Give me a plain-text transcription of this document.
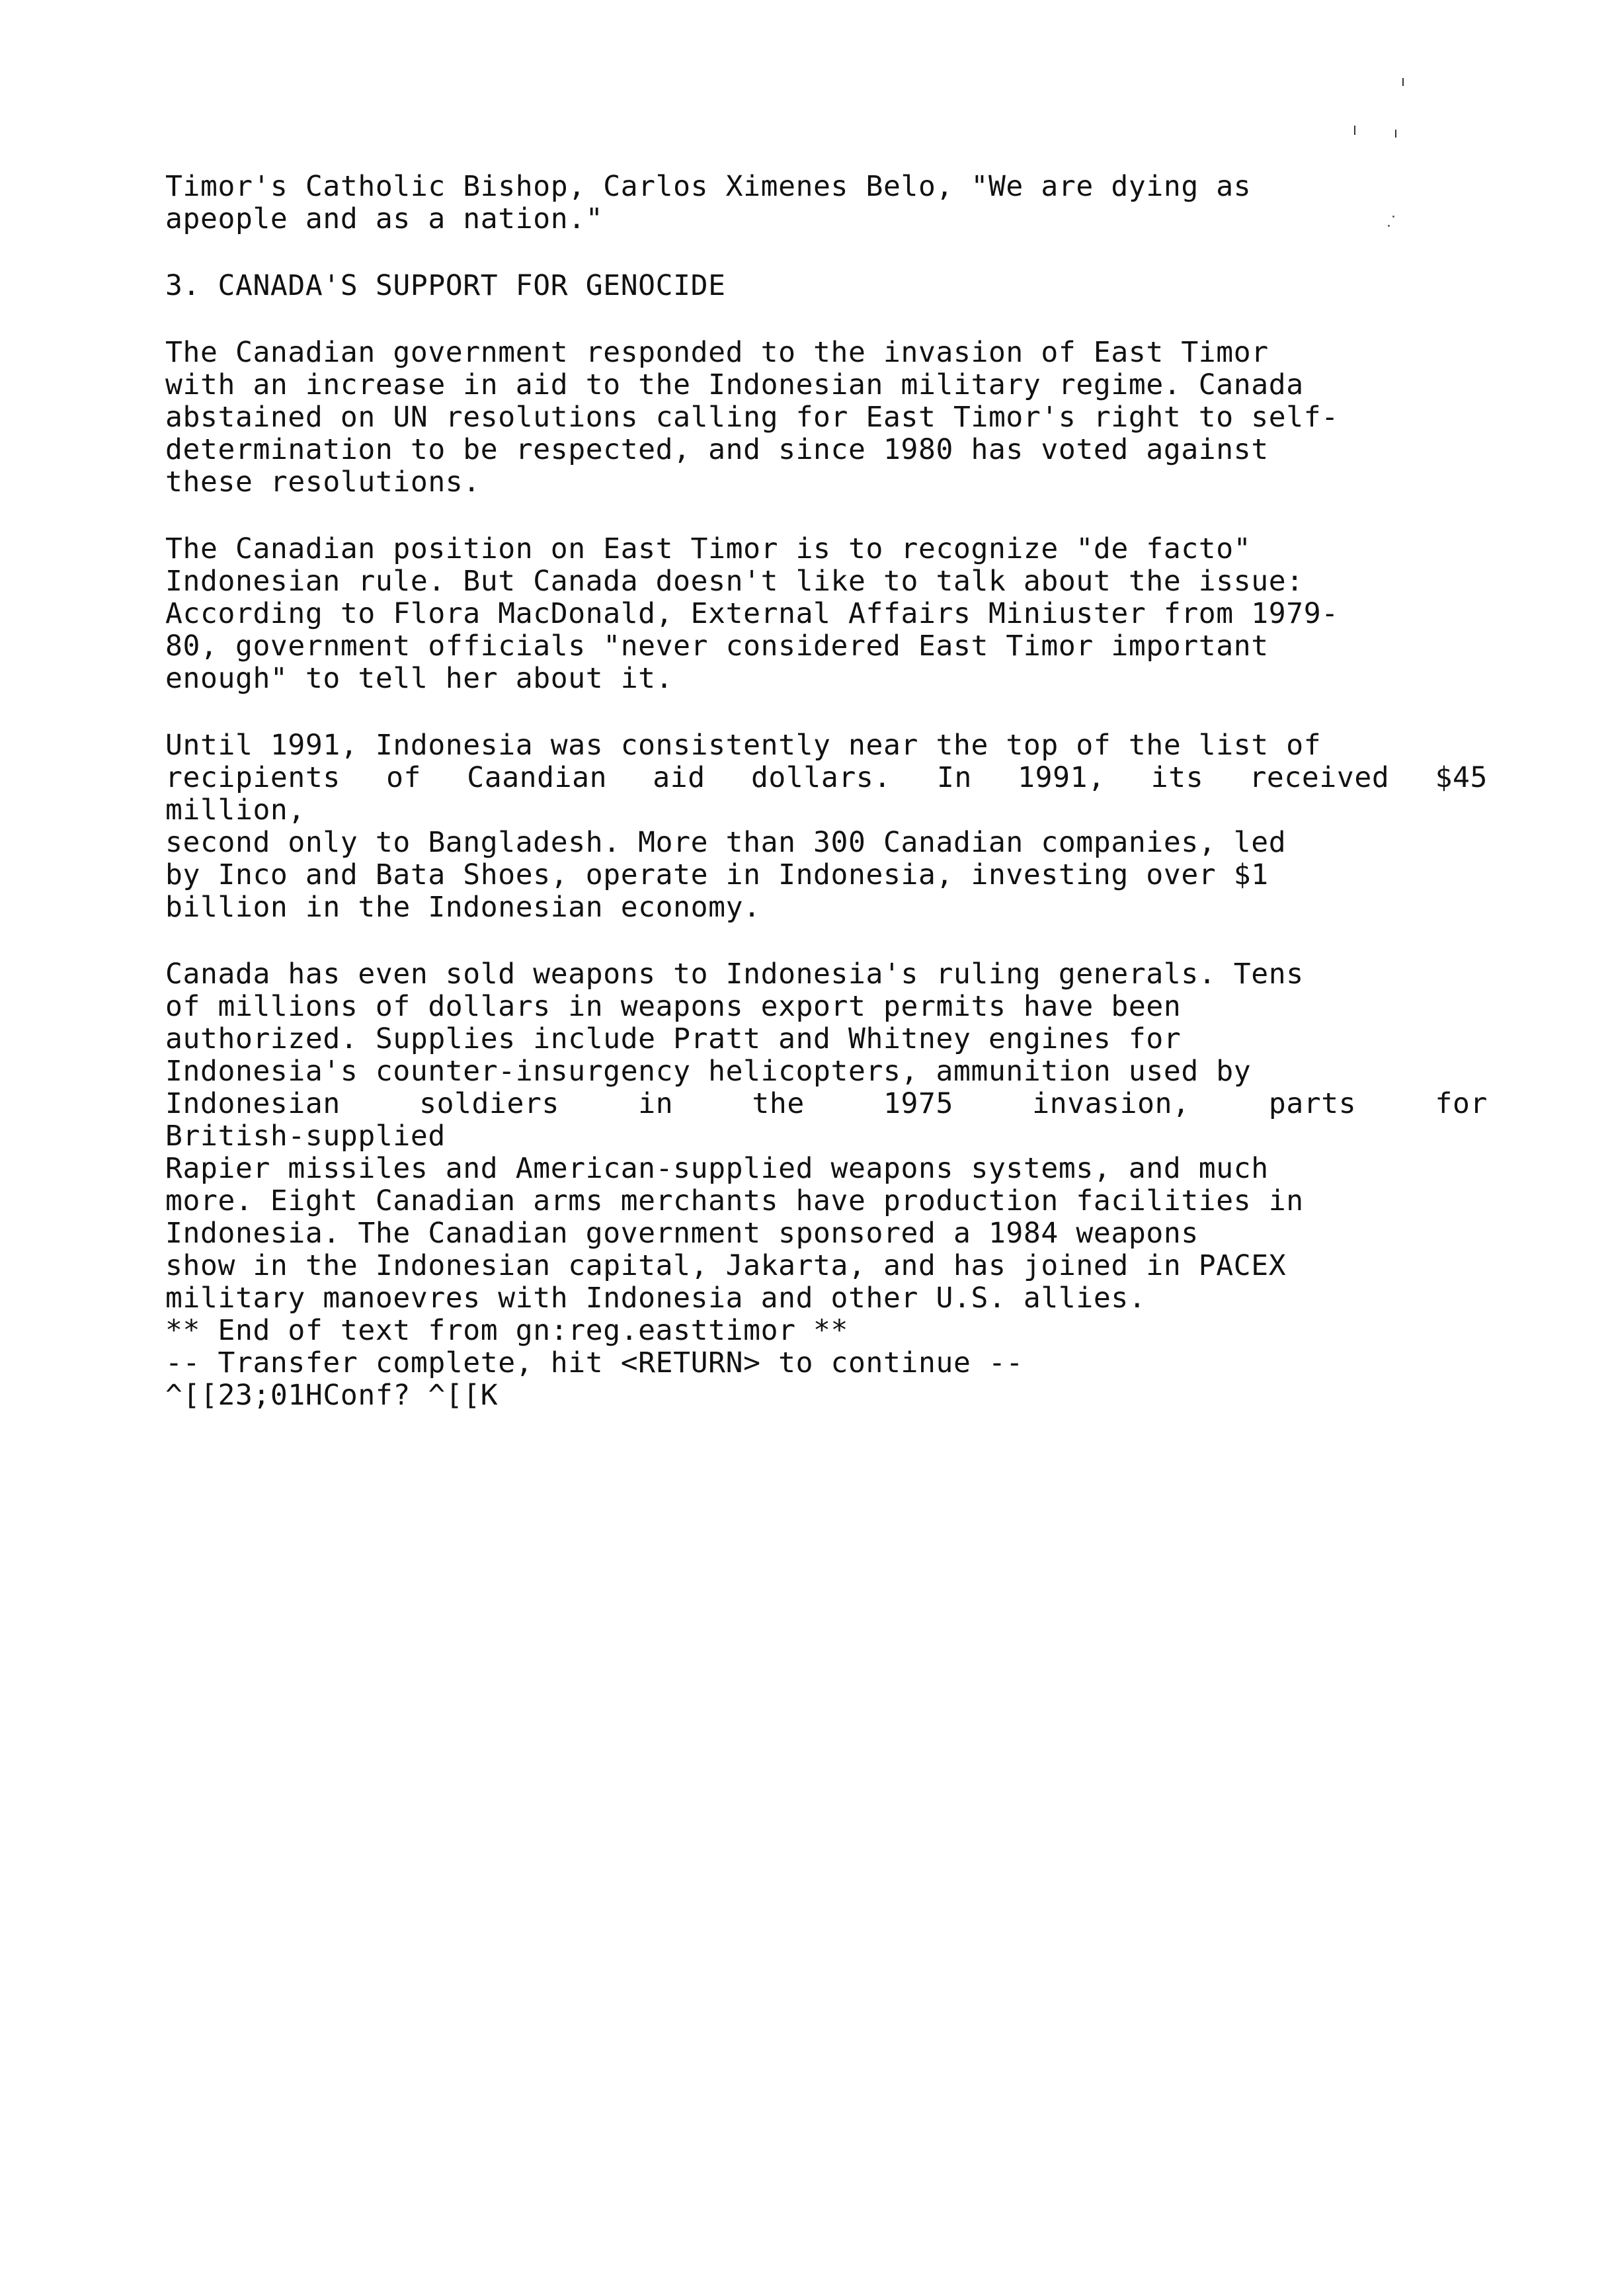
Timor's Catholic Bishop, Carlos Ximenes Belo, "We are dying as
apeople and as a nation."
3. CANADA'S SUPPORT FOR GENOCIDE
The Canadian government responded to the invasion of East Timor
with an increase in aid to the Indonesian military regime. Canada
abstained on UN resolutions calling for East Timor's right to self-
determination to be respected, and since 1980 has voted against
these resolutions.
The Canadian position on East Timor is to recognize "de facto"
Indonesian rule. But Canada doesn't like to talk about the issue:
According to Flora MacDonald, External Affairs Miniuster from 1979-
80, government officials "never considered East Timor important
enough" to tell her about it.
Until 1991, Indonesia was consistently near the top of the list of
recipients of Caandian aid dollars. In 1991, its received $45
million,
second only to Bangladesh. More than 300 Canadian companies, led
by Inco and Bata Shoes, operate in Indonesia, investing over $1
billion in the Indonesian economy.
Canada has even sold weapons to Indonesia's ruling generals. Tens
of millions of dollars in weapons export permits have been
authorized. Supplies include Pratt and Whitney engines for
Indonesia's counter-insurgency helicopters, ammunition used by
Indonesian	soldiers	in	the	1975	invasion,	parts	for
British-supplied
Rapier missiles and American-supplied weapons systems, and much
more. Eight Canadian arms merchants have production facilities in
Indonesia. The Canadian government sponsored a 1984 weapons
show in the Indonesian capital, Jakarta, and has joined in PACEX
military manoevres with Indonesia and other U.S. allies.
** End of text from gn:reg.easttimor **
-- Transfer complete, hit <RETURN> to continue --
^[[23;01HConf? ^[[K
